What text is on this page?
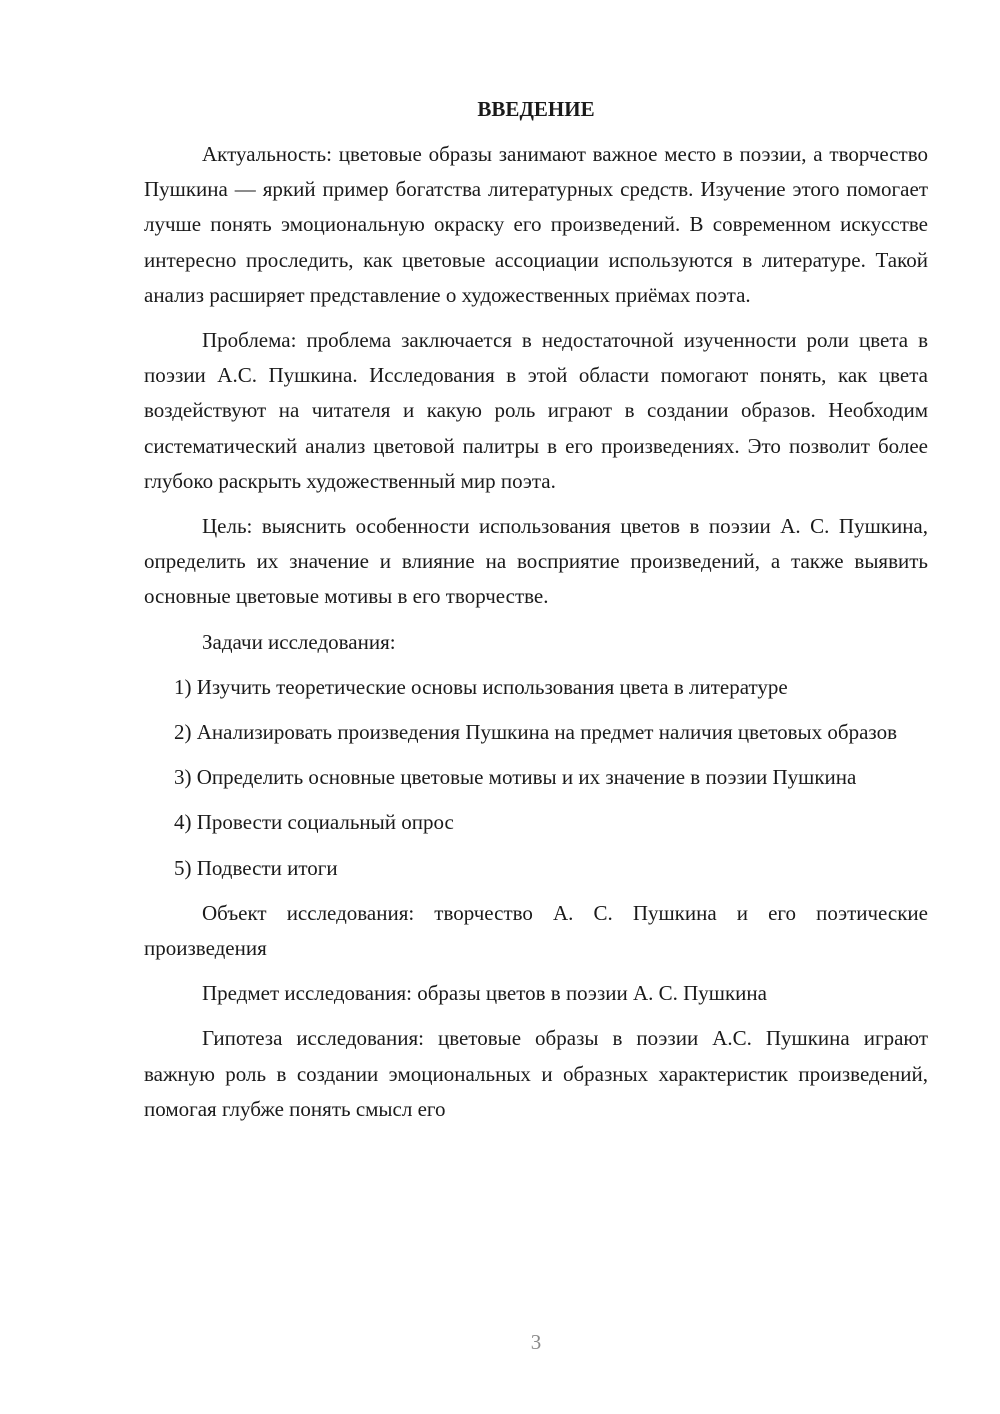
ВВЕДЕНИЕ

Актуальность: цветовые образы занимают важное место в поэзии, а творчество Пушкина — яркий пример богатства литературных средств. Изучение этого помогает лучше понять эмоциональную окраску его произведений. В современном искусстве интересно проследить, как цветовые ассоциации используются в литературе. Такой анализ расширяет представление о художественных приёмах поэта.

Проблема: проблема заключается в недостаточной изученности роли цвета в поэзии А.С. Пушкина. Исследования в этой области помогают понять, как цвета воздействуют на читателя и какую роль играют в создании образов. Необходим систематический анализ цветовой палитры в его произведениях. Это позволит более глубоко раскрыть художественный мир поэта.

Цель: выяснить особенности использования цветов в поэзии А. С. Пушкина, определить их значение и влияние на восприятие произведений, а также выявить основные цветовые мотивы в его творчестве.

Задачи исследования:

1) Изучить теоретические основы использования цвета в литературе

2) Анализировать произведения Пушкина на предмет наличия цветовых образов

3) Определить основные цветовые мотивы и их значение в поэзии Пушкина

4) Провести социальный опрос

5) Подвести итоги

Объект исследования: творчество А. С. Пушкина и его поэтические произведения

Предмет исследования: образы цветов в поэзии А. С. Пушкина

Гипотеза исследования: цветовые образы в поэзии А.С. Пушкина играют важную роль в создании эмоциональных и образных характеристик произведений, помогая глубже понять смысл его

3
